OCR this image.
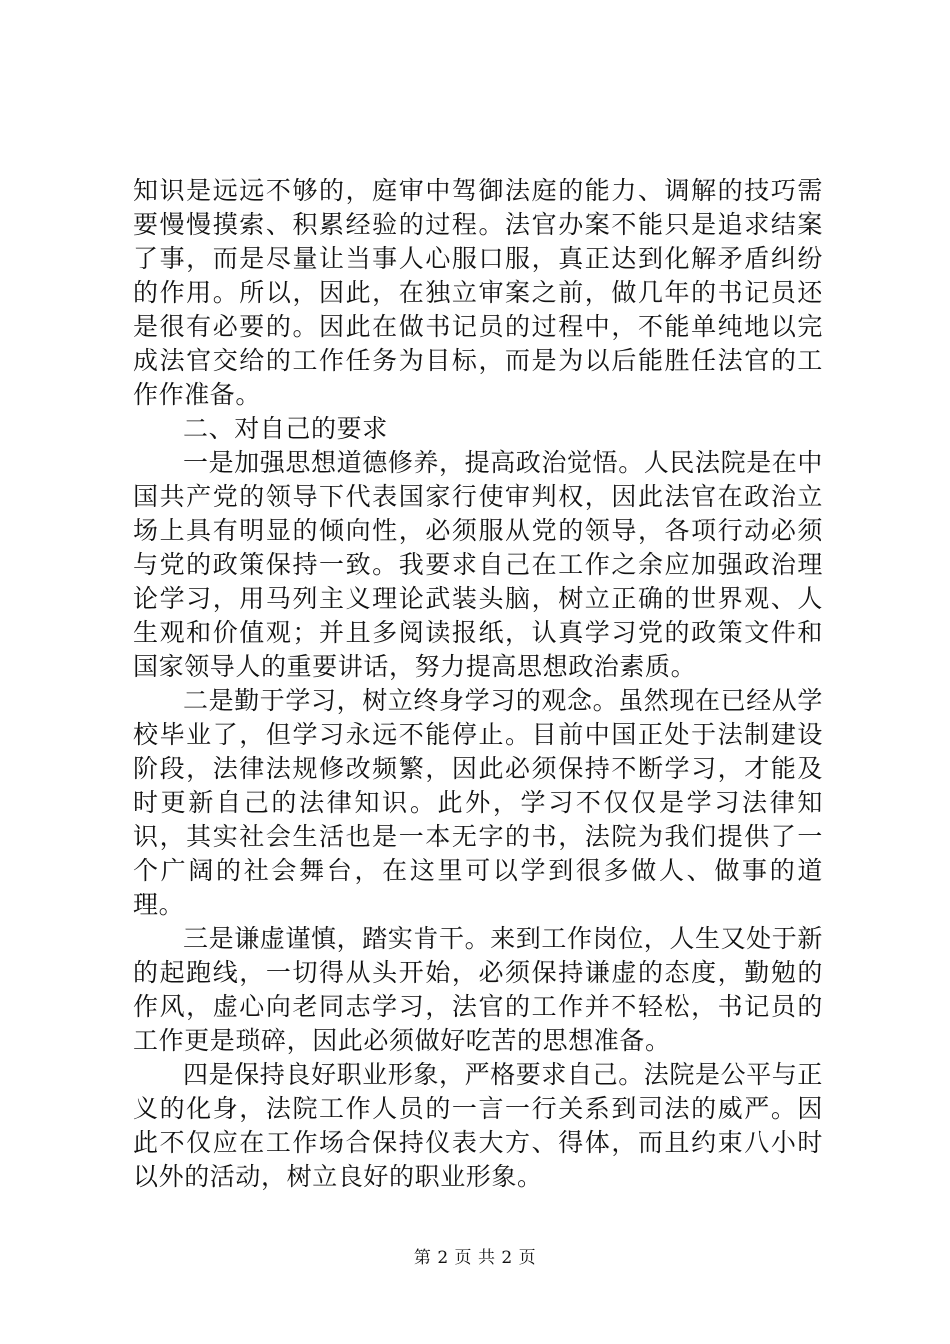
知识是远远不够的，庭审中驾御法庭的能力、调解的技巧需要慢慢摸索、积累经验的过程。法官办案不能只是追求结案了事，而是尽量让当事人心服口服，真正达到化解矛盾纠纷的作用。所以，因此，在独立审案之前，做几年的书记员还是很有必要的。因此在做书记员的过程中，不能单纯地以完成法官交给的工作任务为目标，而是为以后能胜任法官的工作作准备。

二、对自己的要求

一是加强思想道德修养，提高政治觉悟。人民法院是在中国共产党的领导下代表国家行使审判权，因此法官在政治立场上具有明显的倾向性，必须服从党的领导，各项行动必须与党的政策保持一致。我要求自己在工作之余应加强政治理论学习，用马列主义理论武装头脑，树立正确的世界观、人生观和价值观；并且多阅读报纸，认真学习党的政策文件和国家领导人的重要讲话，努力提高思想政治素质。

二是勤于学习，树立终身学习的观念。虽然现在已经从学校毕业了，但学习永远不能停止。目前中国正处于法制建设阶段，法律法规修改频繁，因此必须保持不断学习，才能及时更新自己的法律知识。此外，学习不仅仅是学习法律知识，其实社会生活也是一本无字的书，法院为我们提供了一个广阔的社会舞台，在这里可以学到很多做人、做事的道理。

三是谦虚谨慎，踏实肯干。来到工作岗位，人生又处于新的起跑线，一切得从头开始，必须保持谦虚的态度，勤勉的作风，虚心向老同志学习，法官的工作并不轻松，书记员的工作更是琐碎，因此必须做好吃苦的思想准备。

四是保持良好职业形象，严格要求自己。法院是公平与正义的化身，法院工作人员的一言一行关系到司法的威严。因此不仅应在工作场合保持仪表大方、得体，而且约束八小时以外的活动，树立良好的职业形象。

第 2 页 共 2 页
